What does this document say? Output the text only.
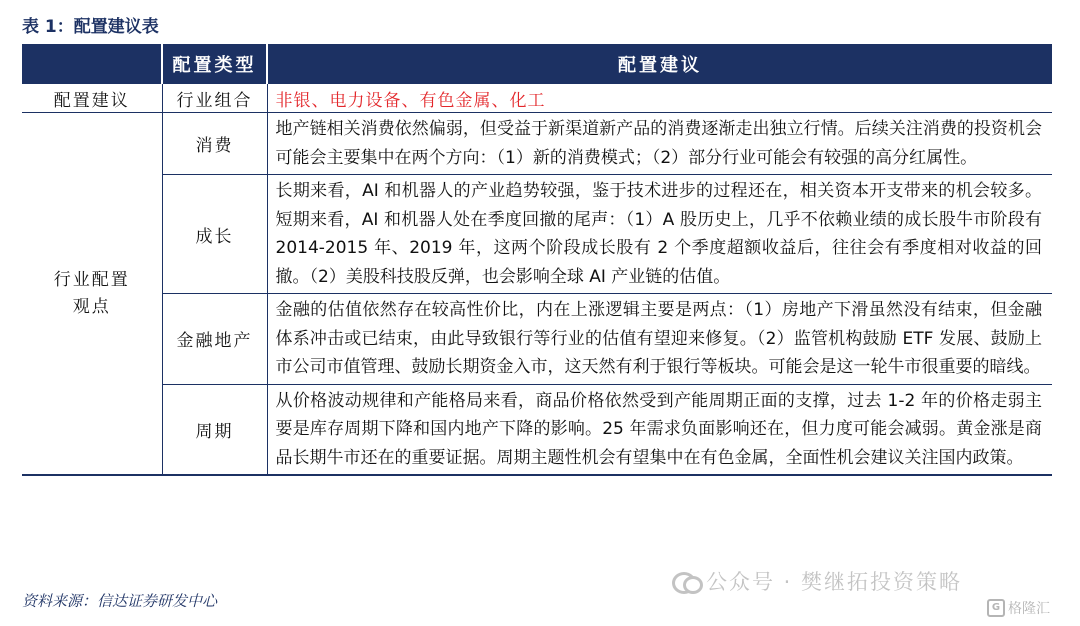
表 1：配置建议表
	配置类型	配置建议
配置建议	行业组合	非银、电力设备、有色金属、化工

行业配置
观点	消费	地产链相关消费依然偏弱，但受益于新渠道新产品的消费逐渐走出独立行情。后续关注消费的投资机会可能会主要集中在两个方向：（1）新的消费模式；（2）部分行业可能会有较强的高分红属性。
	成长	长期来看，AI 和机器人的产业趋势较强，鉴于技术进步的过程还在，相关资本开支带来的机会较多。短期来看，AI 和机器人处在季度回撤的尾声：（1）A 股历史上，几乎不依赖业绩的成长股牛市阶段有 2014-2015 年、2019 年，这两个阶段成长股有 2 个季度超额收益后，往往会有季度相对收益的回撤。（2）美股科技股反弹，也会影响全球 AI 产业链的估值。
	金融地产	金融的估值依然存在较高性价比，内在上涨逻辑主要是两点：（1）房地产下滑虽然没有结束，但金融体系冲击或已结束，由此导致银行等行业的估值有望迎来修复。（2）监管机构鼓励 ETF 发展、鼓励上市公司市值管理、鼓励长期资金入市，这天然有利于银行等板块。可能会是这一轮牛市很重要的暗线。
	周期	从价格波动规律和产能格局来看，商品价格依然受到产能周期正面的支撑，过去 1-2 年的价格走弱主要是库存周期下降和国内地产下降的影响。25 年需求负面影响还在，但力度可能会减弱。黄金涨是商品长期牛市还在的重要证据。周期主题性机会有望集中在有色金属，全面性机会建议关注国内政策。
资料来源：信达证券研发中心
公众号 · 樊继拓投资策略
G 格隆汇
